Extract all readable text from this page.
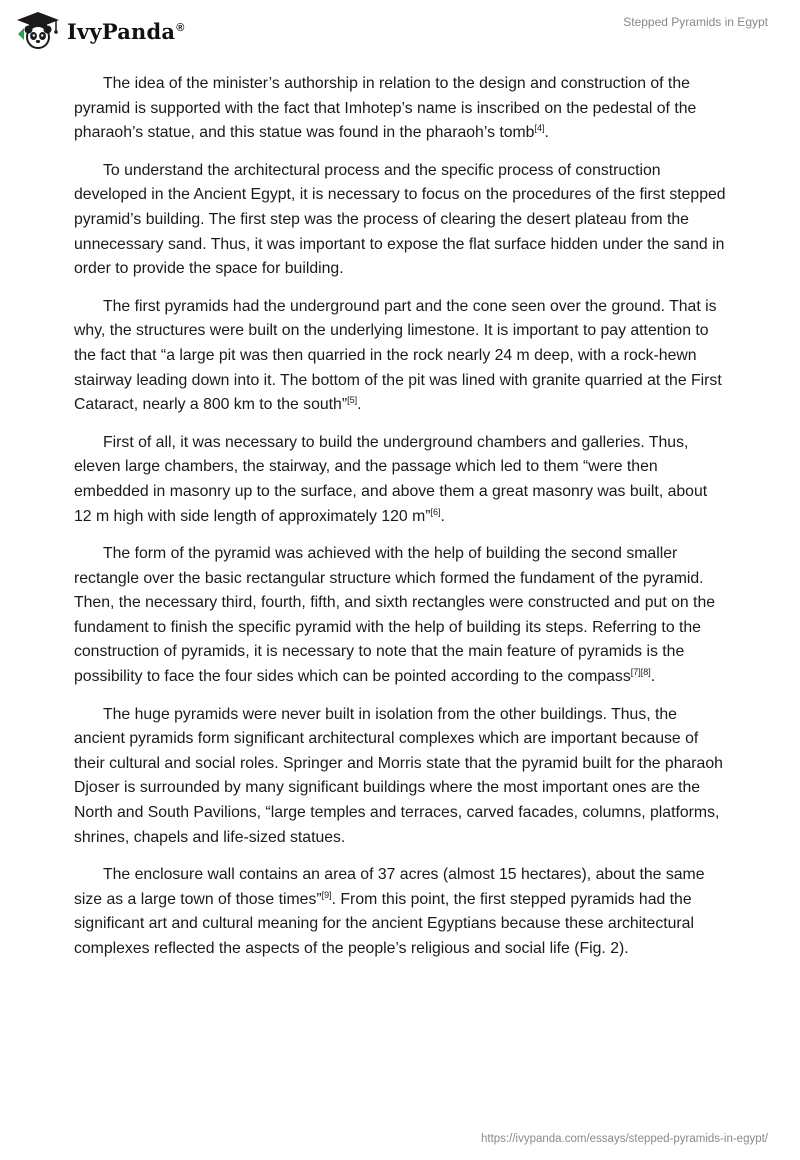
IvyPanda®	Stepped Pyramids in Egypt

The idea of the minister’s authorship in relation to the design and construction of the pyramid is supported with the fact that Imhotep’s name is inscribed on the pedestal of the pharaoh’s statue, and this statue was found in the pharaoh’s tomb[4].

To understand the architectural process and the specific process of construction developed in the Ancient Egypt, it is necessary to focus on the procedures of the first stepped pyramid’s building. The first step was the process of clearing the desert plateau from the unnecessary sand. Thus, it was important to expose the flat surface hidden under the sand in order to provide the space for building.

The first pyramids had the underground part and the cone seen over the ground. That is why, the structures were built on the underlying limestone. It is important to pay attention to the fact that “a large pit was then quarried in the rock nearly 24 m deep, with a rock-hewn stairway leading down into it. The bottom of the pit was lined with granite quarried at the First Cataract, nearly a 800 km to the south”[5].

First of all, it was necessary to build the underground chambers and galleries. Thus, eleven large chambers, the stairway, and the passage which led to them “were then embedded in masonry up to the surface, and above them a great masonry was built, about 12 m high with side length of approximately 120 m”[6].

The form of the pyramid was achieved with the help of building the second smaller rectangle over the basic rectangular structure which formed the fundament of the pyramid. Then, the necessary third, fourth, fifth, and sixth rectangles were constructed and put on the fundament to finish the specific pyramid with the help of building its steps. Referring to the construction of pyramids, it is necessary to note that the main feature of pyramids is the possibility to face the four sides which can be pointed according to the compass[7][8].

The huge pyramids were never built in isolation from the other buildings. Thus, the ancient pyramids form significant architectural complexes which are important because of their cultural and social roles. Springer and Morris state that the pyramid built for the pharaoh Djoser is surrounded by many significant buildings where the most important ones are the North and South Pavilions, “large temples and terraces, carved facades, columns, platforms, shrines, chapels and life-sized statues.

The enclosure wall contains an area of 37 acres (almost 15 hectares), about the same size as a large town of those times”[9]. From this point, the first stepped pyramids had the significant art and cultural meaning for the ancient Egyptians because these architectural complexes reflected the aspects of the people’s religious and social life (Fig. 2).

https://ivypanda.com/essays/stepped-pyramids-in-egypt/
